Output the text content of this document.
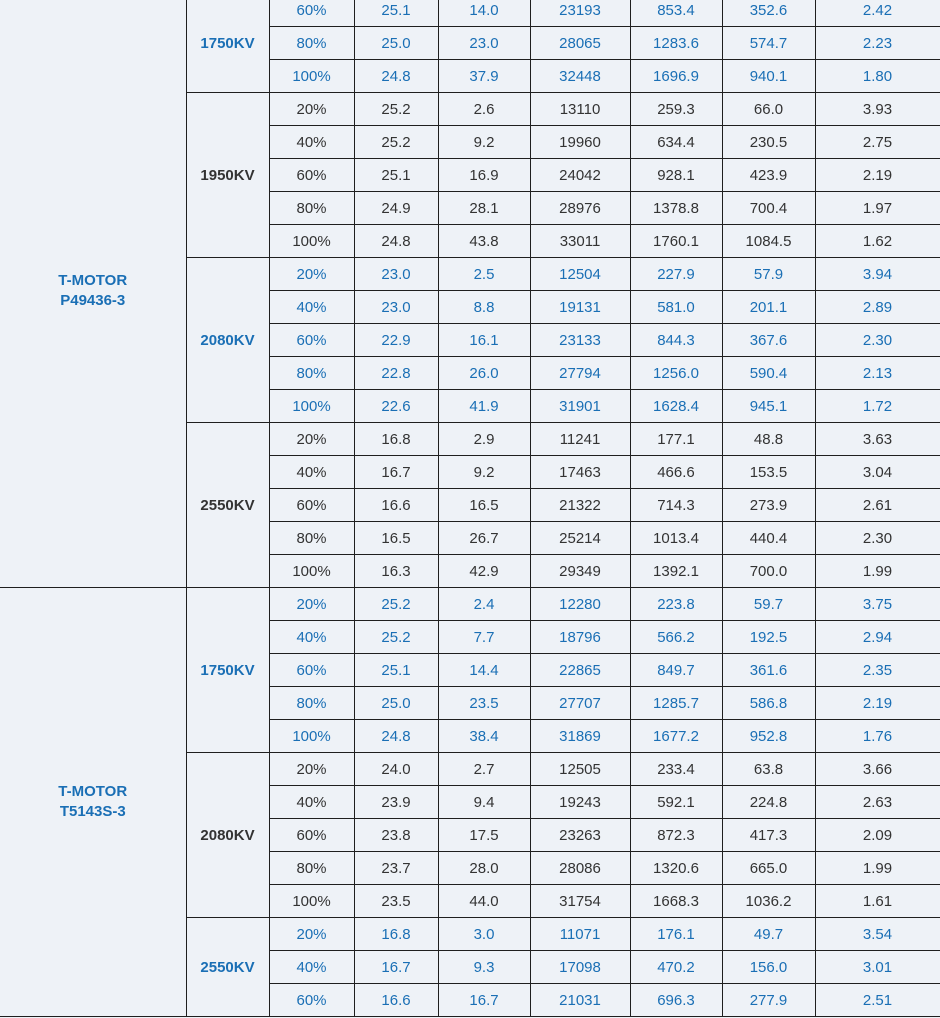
T-MOTOR
P49436-3	1750KV	60%	25.1	14.0	23193	853.4	352.6	2.42	
		80%	25.0	23.0	28065	1283.6	574.7	2.23	
		100%	24.8	37.9	32448	1696.9	940.1	1.80	
	1950KV	20%	25.2	2.6	13110	259.3	66.0	3.93	
		40%	25.2	9.2	19960	634.4	230.5	2.75	
		60%	25.1	16.9	24042	928.1	423.9	2.19	
		80%	24.9	28.1	28976	1378.8	700.4	1.97	
		100%	24.8	43.8	33011	1760.1	1084.5	1.62	
	2080KV	20%	23.0	2.5	12504	227.9	57.9	3.94	
		40%	23.0	8.8	19131	581.0	201.1	2.89	
		60%	22.9	16.1	23133	844.3	367.6	2.30	
		80%	22.8	26.0	27794	1256.0	590.4	2.13	
		100%	22.6	41.9	31901	1628.4	945.1	1.72	
	2550KV	20%	16.8	2.9	11241	177.1	48.8	3.63	
		40%	16.7	9.2	17463	466.6	153.5	3.04	
		60%	16.6	16.5	21322	714.3	273.9	2.61	
		80%	16.5	26.7	25214	1013.4	440.4	2.30	
		100%	16.3	42.9	29349	1392.1	700.0	1.99	

T-MOTOR
T5143S-3	1750KV	20%	25.2	2.4	12280	223.8	59.7	3.75	
		40%	25.2	7.7	18796	566.2	192.5	2.94	
		60%	25.1	14.4	22865	849.7	361.6	2.35	
		80%	25.0	23.5	27707	1285.7	586.8	2.19	
		100%	24.8	38.4	31869	1677.2	952.8	1.76	
	2080KV	20%	24.0	2.7	12505	233.4	63.8	3.66	
		40%	23.9	9.4	19243	592.1	224.8	2.63	
		60%	23.8	17.5	23263	872.3	417.3	2.09	
		80%	23.7	28.0	28086	1320.6	665.0	1.99	
		100%	23.5	44.0	31754	1668.3	1036.2	1.61	
	2550KV	20%	16.8	3.0	11071	176.1	49.7	3.54	
		40%	16.7	9.3	17098	470.2	156.0	3.01	
		60%	16.6	16.7	21031	696.3	277.9	2.51	
